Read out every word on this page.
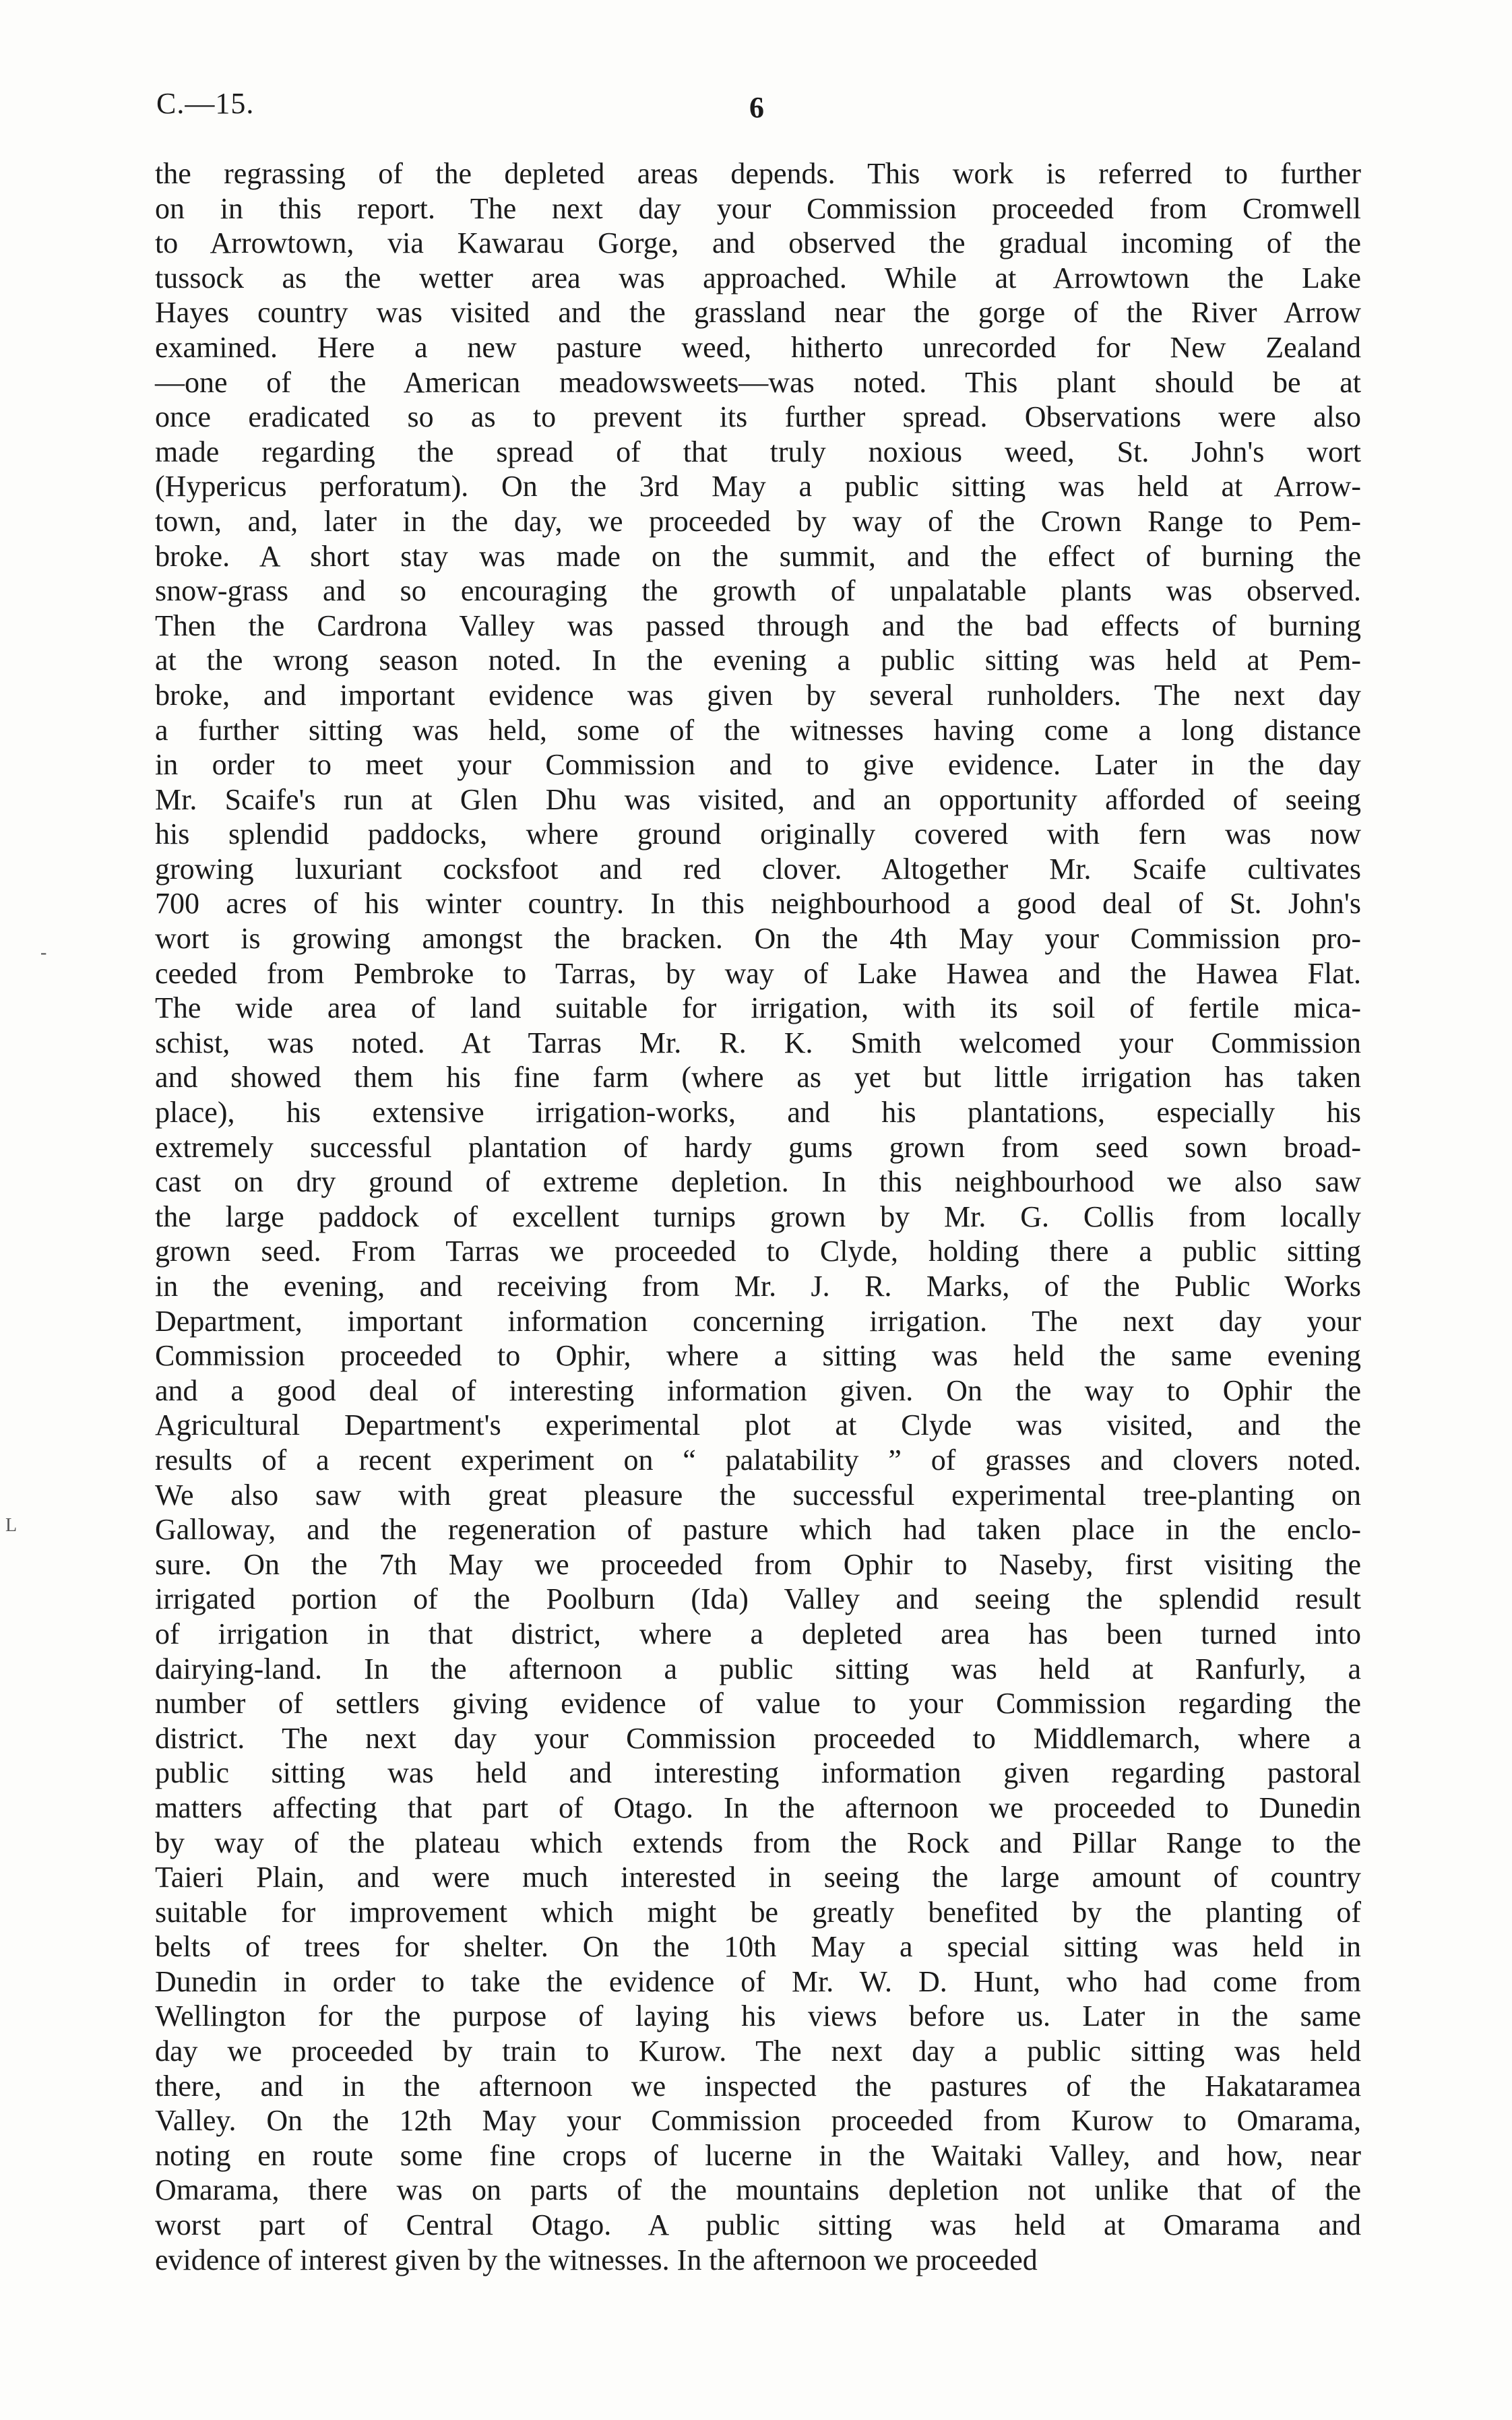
C.—15.	6
-
L
the regrassing of the depleted areas depends. This work is referred to further
on in this report. The next day your Commission proceeded from Cromwell
to Arrowtown, via Kawarau Gorge, and observed the gradual incoming of the
tussock as the wetter area was approached. While at Arrowtown the Lake
Hayes country was visited and the grassland near the gorge of the River Arrow
examined. Here a new pasture weed, hitherto unrecorded for New Zealand
—one of the American meadowsweets—was noted. This plant should be at
once eradicated so as to prevent its further spread. Observations were also
made regarding the spread of that truly noxious weed, St. John's wort
(Hypericus perforatum). On the 3rd May a public sitting was held at Arrow-
town, and, later in the day, we proceeded by way of the Crown Range to Pem-
broke. A short stay was made on the summit, and the effect of burning the
snow-grass and so encouraging the growth of unpalatable plants was observed.
Then the Cardrona Valley was passed through and the bad effects of burning
at the wrong season noted. In the evening a public sitting was held at Pem-
broke, and important evidence was given by several runholders. The next day
a further sitting was held, some of the witnesses having come a long distance
in order to meet your Commission and to give evidence. Later in the day
Mr. Scaife's run at Glen Dhu was visited, and an opportunity afforded of seeing
his splendid paddocks, where ground originally covered with fern was now
growing luxuriant cocksfoot and red clover. Altogether Mr. Scaife cultivates
700 acres of his winter country. In this neighbourhood a good deal of St. John's
wort is growing amongst the bracken. On the 4th May your Commission pro-
ceeded from Pembroke to Tarras, by way of Lake Hawea and the Hawea Flat.
The wide area of land suitable for irrigation, with its soil of fertile mica-
schist, was noted. At Tarras Mr. R. K. Smith welcomed your Commission
and showed them his fine farm (where as yet but little irrigation has taken
place), his extensive irrigation-works, and his plantations, especially his
extremely successful plantation of hardy gums grown from seed sown broad-
cast on dry ground of extreme depletion. In this neighbourhood we also saw
the large paddock of excellent turnips grown by Mr. G. Collis from locally
grown seed. From Tarras we proceeded to Clyde, holding there a public sitting
in the evening, and receiving from Mr. J. R. Marks, of the Public Works
Department, important information concerning irrigation. The next day your
Commission proceeded to Ophir, where a sitting was held the same evening
and a good deal of interesting information given. On the way to Ophir the
Agricultural Department's experimental plot at Clyde was visited, and the
results of a recent experiment on “ palatability ” of grasses and clovers noted.
We also saw with great pleasure the successful experimental tree-planting on
Galloway, and the regeneration of pasture which had taken place in the enclo-
sure. On the 7th May we proceeded from Ophir to Naseby, first visiting the
irrigated portion of the Poolburn (Ida) Valley and seeing the splendid result
of irrigation in that district, where a depleted area has been turned into
dairying-land. In the afternoon a public sitting was held at Ranfurly, a
number of settlers giving evidence of value to your Commission regarding the
district. The next day your Commission proceeded to Middlemarch, where a
public sitting was held and interesting information given regarding pastoral
matters affecting that part of Otago. In the afternoon we proceeded to Dunedin
by way of the plateau which extends from the Rock and Pillar Range to the
Taieri Plain, and were much interested in seeing the large amount of country
suitable for improvement which might be greatly benefited by the planting of
belts of trees for shelter. On the 10th May a special sitting was held in
Dunedin in order to take the evidence of Mr. W. D. Hunt, who had come from
Wellington for the purpose of laying his views before us. Later in the same
day we proceeded by train to Kurow. The next day a public sitting was held
there, and in the afternoon we inspected the pastures of the Hakataramea
Valley. On the 12th May your Commission proceeded from Kurow to Omarama,
noting en route some fine crops of lucerne in the Waitaki Valley, and how, near
Omarama, there was on parts of the mountains depletion not unlike that of the
worst part of Central Otago. A public sitting was held at Omarama and
evidence of interest given by the witnesses. In the afternoon we proceeded
